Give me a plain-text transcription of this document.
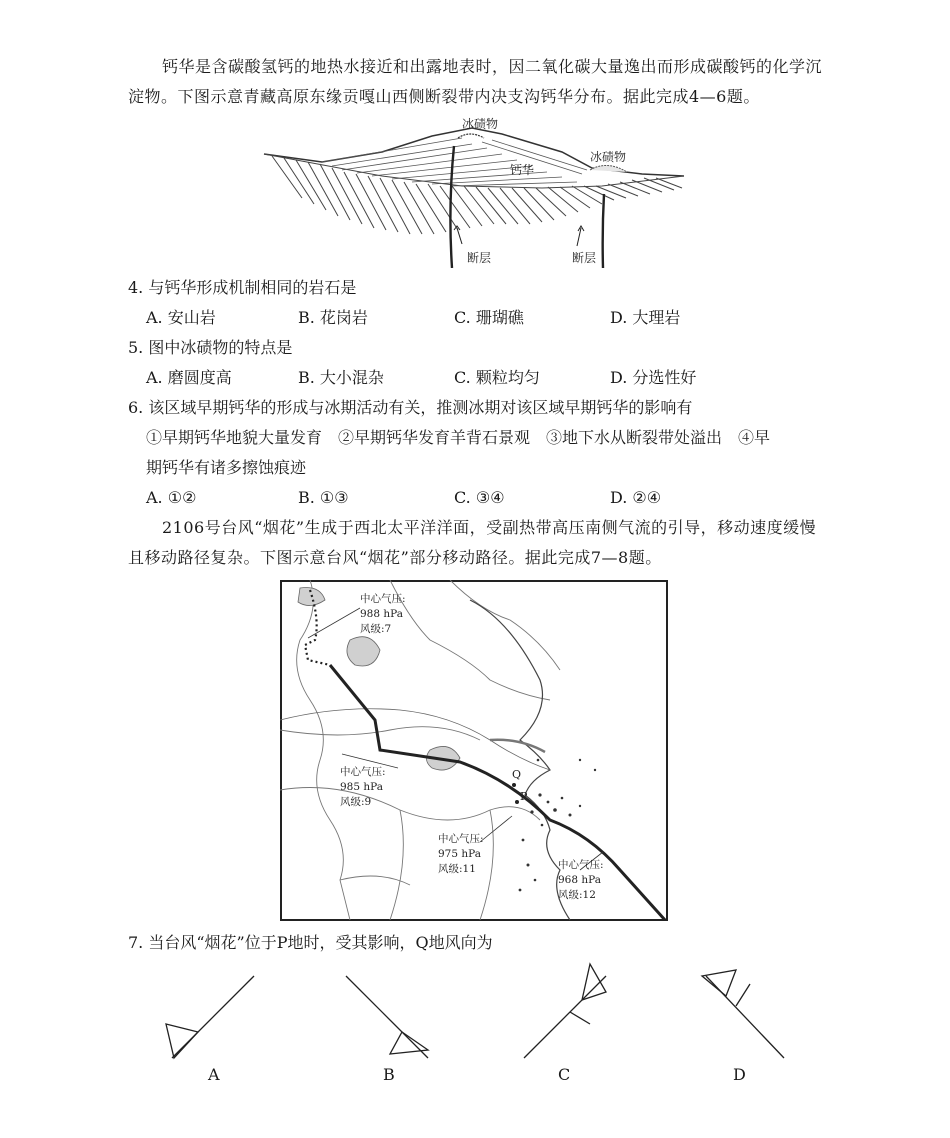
钙华是含碳酸氢钙的地热水接近和出露地表时，因二氧化碳大量逸出而形成碳酸钙的化学沉淀物。下图示意青藏高原东缘贡嘎山西侧断裂带内决支沟钙华分布。据此完成4—6题。
冰碛物
钙华
冰碛物
断层	断层
4. 与钙华形成机制相同的岩石是
A. 安山岩	B. 花岗岩	C. 珊瑚礁	D. 大理岩
5. 图中冰碛物的特点是
A. 磨圆度高	B. 大小混杂	C. 颗粒均匀	D. 分选性好
6. 该区域早期钙华的形成与冰期活动有关，推测冰期对该区域早期钙华的影响有
①早期钙华地貌大量发育　②早期钙华发育羊背石景观　③地下水从断裂带处溢出　④早
期钙华有诸多擦蚀痕迹
A. ①②	B. ①③	C. ③④	D. ②④
2106号台风“烟花”生成于西北太平洋洋面，受副热带高压南侧气流的引导，移动速度缓慢且移动路径复杂。下图示意台风“烟花”部分移动路径。据此完成7—8题。
Q
P
中心气压:
988 hPa
风级:7
中心气压:
985 hPa
风级:9
中心气压:
975 hPa
风级:11	中心气压:
968 hPa
风级:12
7. 当台风“烟花”位于P地时，受其影响，Q地风向为
A	B	C	D
